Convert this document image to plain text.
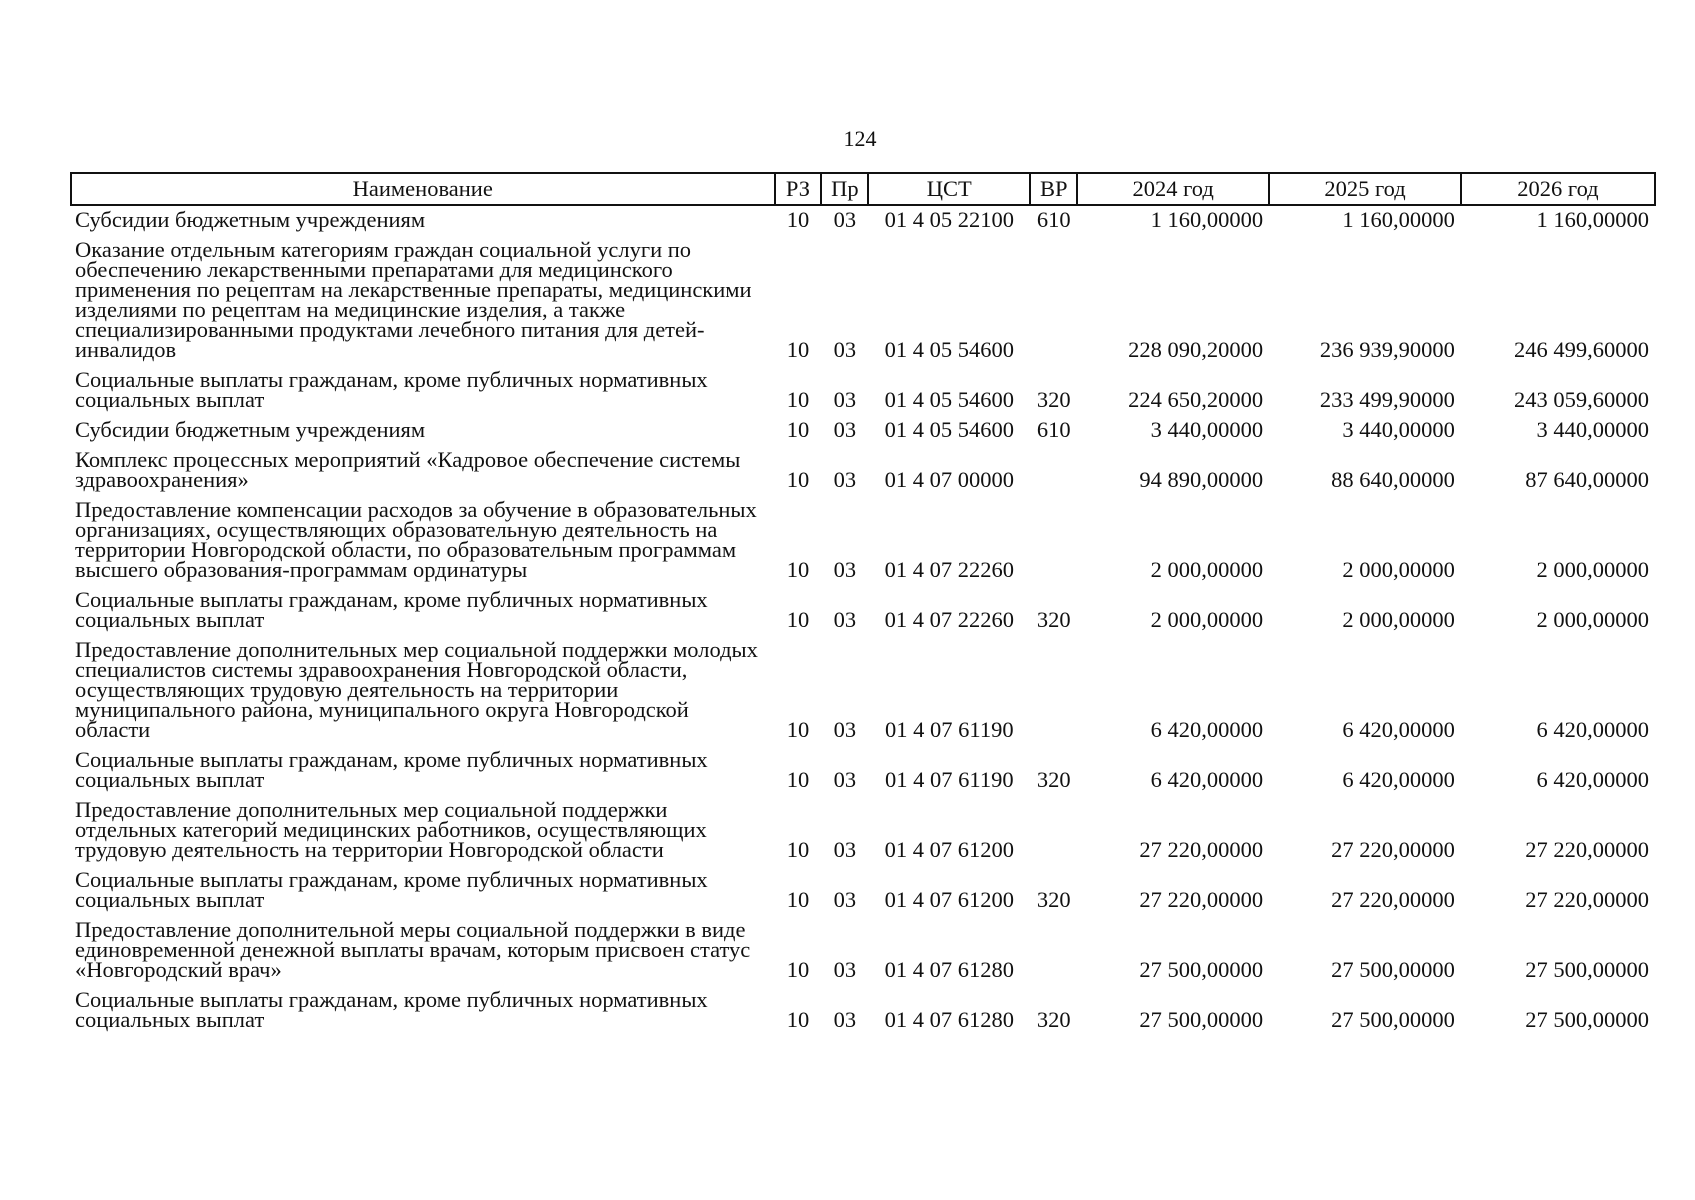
124
Наименование	РЗ	Пр	ЦСТ	ВР	2024 год	2025 год	2026 год
Субсидии бюджетным учреждениям	10	03	01 4 05 22100	610	1 160,00000	1 160,00000	1 160,00000
Оказание отдельным категориям граждан социальной услуги по обеспечению лекарственными препаратами для медицинского применения по рецептам на лекарственные препараты, медицинскими изделиями по рецептам на медицинские изделия, а также специализированными продуктами лечебного питания для детей-инвалидов	10	03	01 4 05 54600		228 090,20000	236 939,90000	246 499,60000
Социальные выплаты гражданам, кроме публичных нормативных социальных выплат	10	03	01 4 05 54600	320	224 650,20000	233 499,90000	243 059,60000
Субсидии бюджетным учреждениям	10	03	01 4 05 54600	610	3 440,00000	3 440,00000	3 440,00000
Комплекс процессных мероприятий «Кадровое обеспечение системы здравоохранения»	10	03	01 4 07 00000		94 890,00000	88 640,00000	87 640,00000
Предоставление компенсации расходов за обучение в образовательных организациях, осуществляющих образовательную деятельность на территории Новгородской области, по образовательным программам высшего образования-программам ординатуры	10	03	01 4 07 22260		2 000,00000	2 000,00000	2 000,00000
Социальные выплаты гражданам, кроме публичных нормативных социальных выплат	10	03	01 4 07 22260	320	2 000,00000	2 000,00000	2 000,00000
Предоставление дополнительных мер социальной поддержки молодых специалистов системы здравоохранения Новгородской области, осуществляющих трудовую деятельность на территории муниципального района, муниципального округа Новгородской области	10	03	01 4 07 61190		6 420,00000	6 420,00000	6 420,00000
Социальные выплаты гражданам, кроме публичных нормативных социальных выплат	10	03	01 4 07 61190	320	6 420,00000	6 420,00000	6 420,00000
Предоставление дополнительных мер социальной поддержки отдельных категорий медицинских работников, осуществляющих трудовую деятельность на территории Новгородской области	10	03	01 4 07 61200		27 220,00000	27 220,00000	27 220,00000
Социальные выплаты гражданам, кроме публичных нормативных социальных выплат	10	03	01 4 07 61200	320	27 220,00000	27 220,00000	27 220,00000
Предоставление дополнительной меры социальной поддержки в виде единовременной денежной выплаты врачам, которым присвоен статус «Новгородский врач»	10	03	01 4 07 61280		27 500,00000	27 500,00000	27 500,00000
Социальные выплаты гражданам, кроме публичных нормативных социальных выплат	10	03	01 4 07 61280	320	27 500,00000	27 500,00000	27 500,00000
